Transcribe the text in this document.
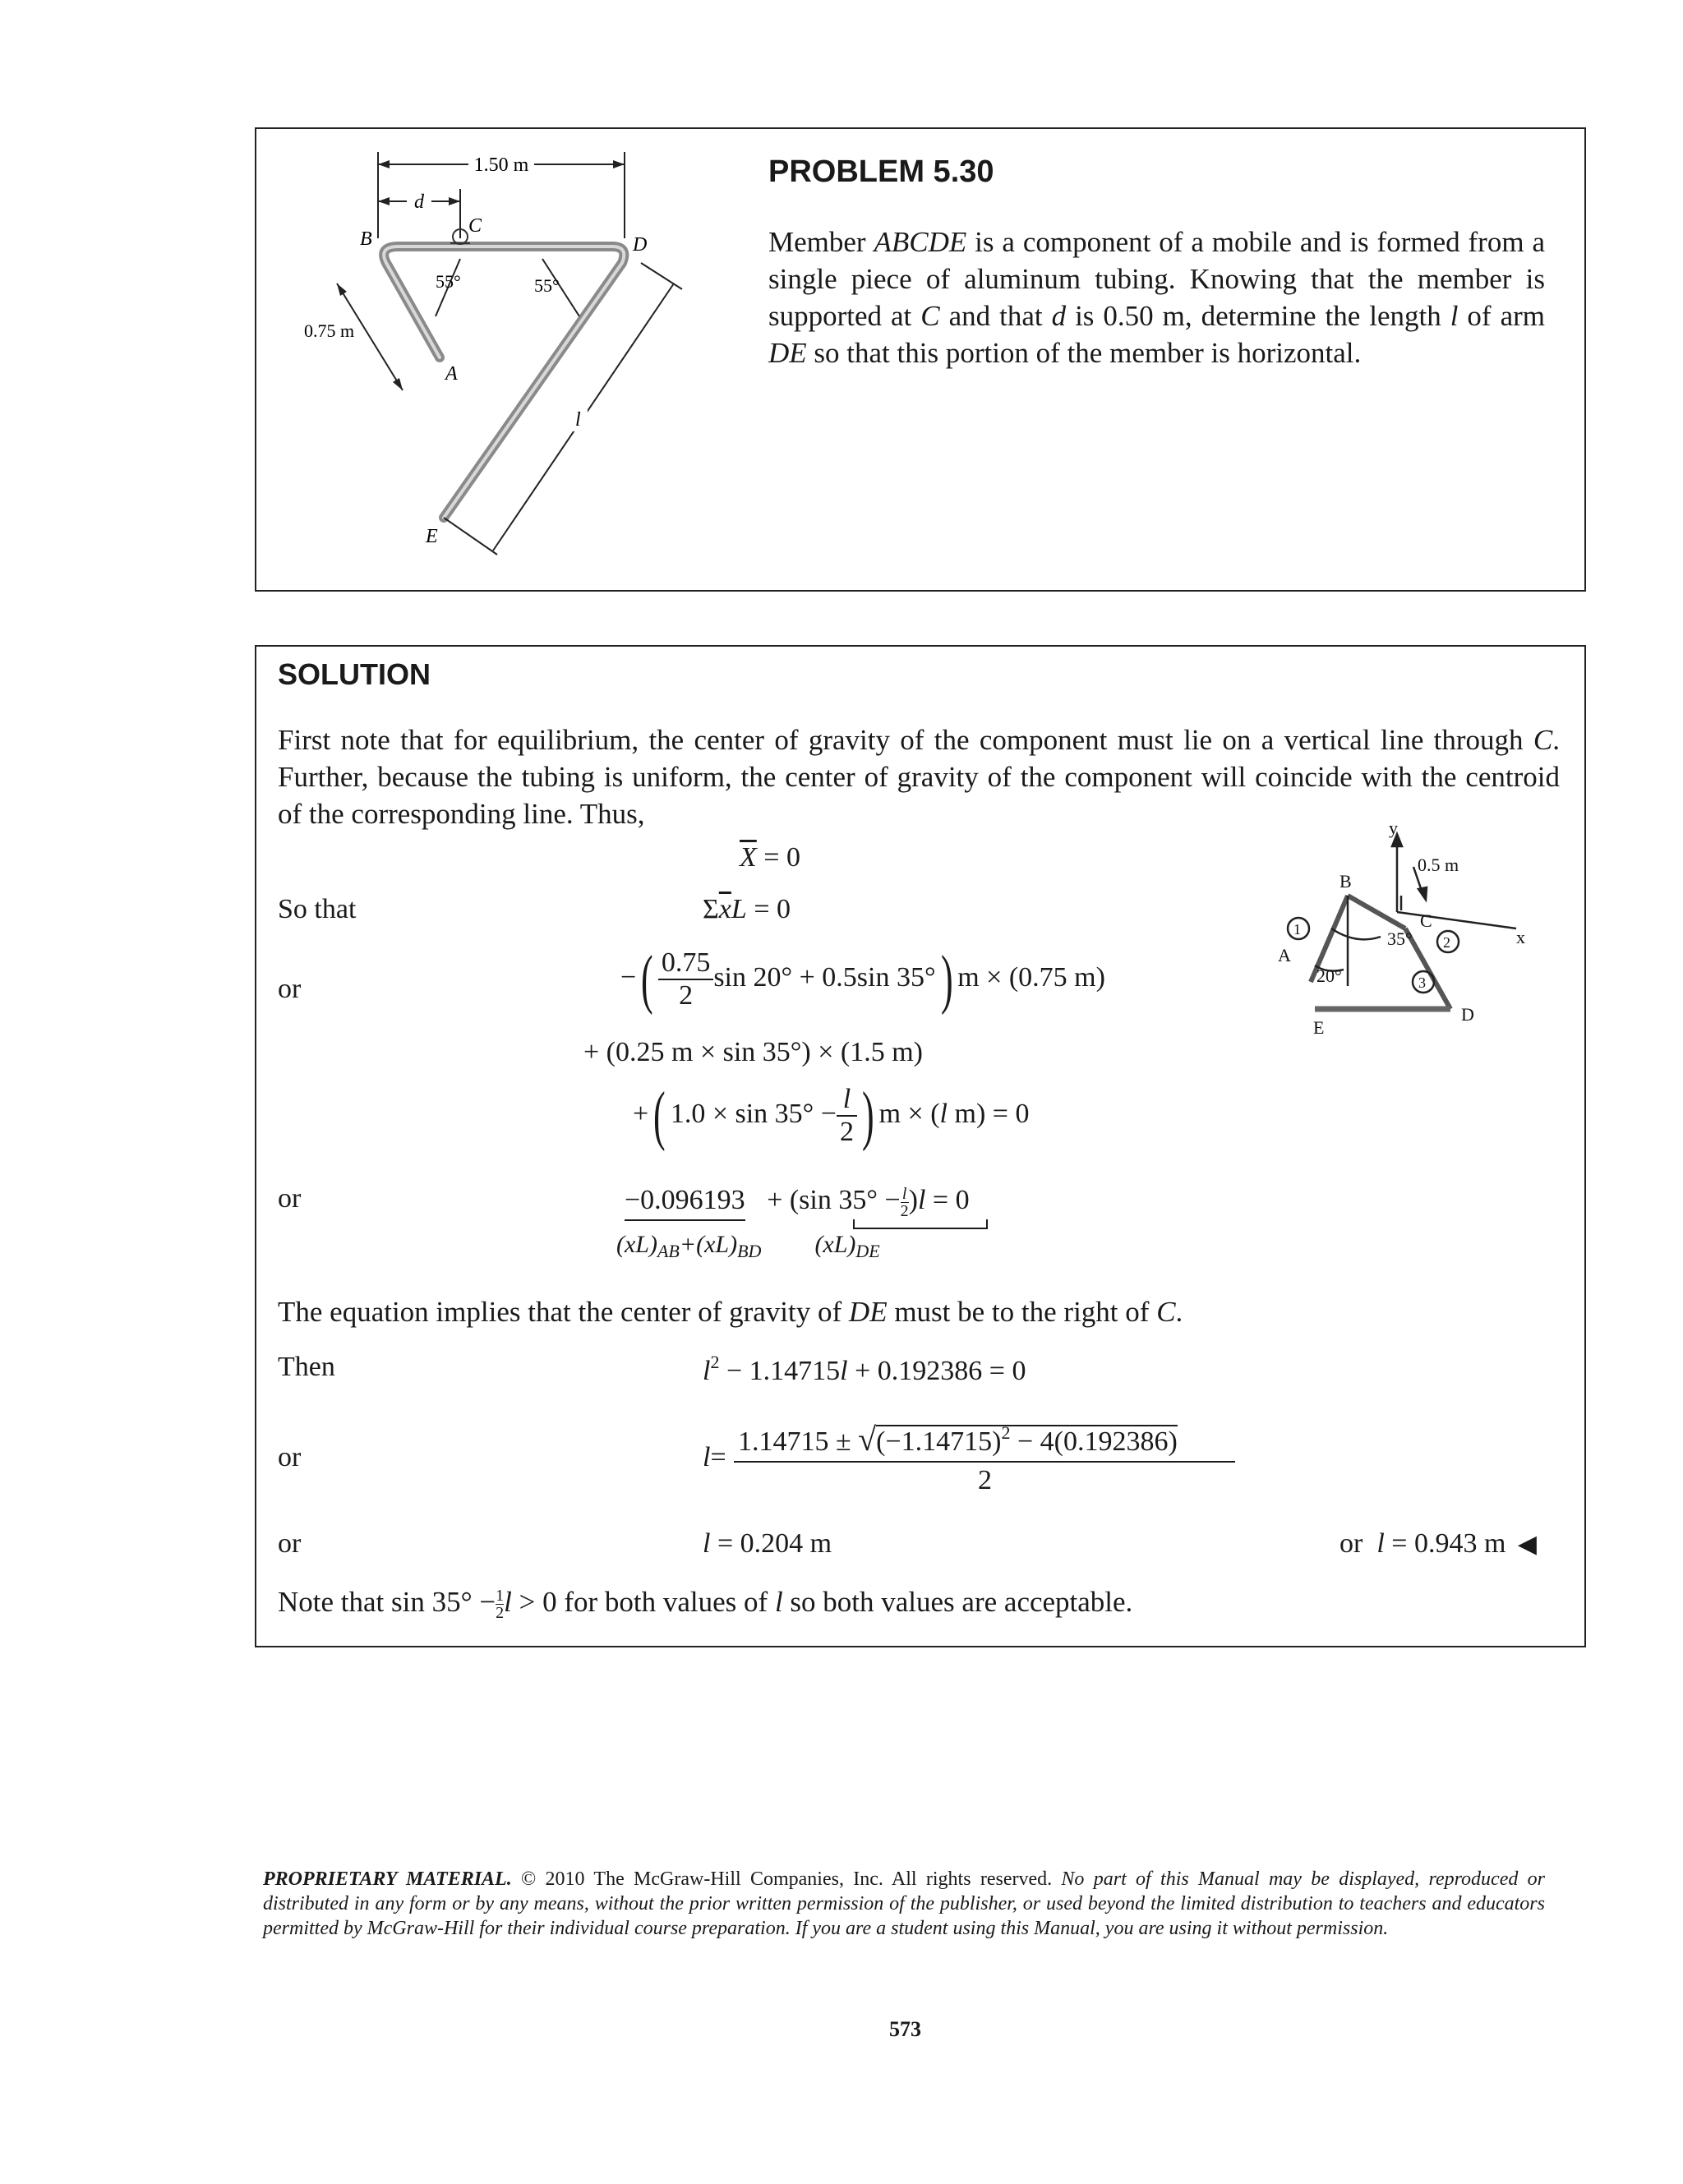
1.50 m
d
B
C
D
A
E
55°	55°
0.75 m
l
PROBLEM 5.30
Member ABCDE is a component of a mobile and is formed from a single piece of aluminum tubing. Knowing that the member is supported at C and that d is 0.50 m, determine the length l of arm DE so that this portion of the member is horizontal.
SOLUTION
First note that for equilibrium, the center of gravity of the component must lie on a vertical line through C. Further, because the tubing is uniform, the center of gravity of the component will coincide with the centroid of the corresponding line. Thus,
$\overline{X} = 0$
So that	$\Sigma\overline{x}L = 0$
or	−( $\frac{0.75}{2}$ sin 20° + 0.5sin 35°) m × (0.75 m)
+ (0.25 m × sin 35°) × (1.5 m)
+( $1.0 \times \sin 35^\circ - \frac{l}{2}$ ) m × (l m) = 0
or	−0.096193 + (sin $35^\circ - \frac{l}{2})l = 0$
$(xL)_{AB}+(xL)_{BD}$ $(xL)_{DE}$
The equation implies that the center of gravity of DE must be to the right of C.
Then	$l^2 - 1.14715l + 0.192386 = 0$
or	l=
$1.14715 \pm √(-1.14715)^2 - 4(0.192386)$
2
or	l = 0.204 m	or l = 0.943 m ◀
Note that $\sin 35^\circ - \frac{1}{2}l > 0$ for both values of l so both values are acceptable.
y
B
0.5 m
C
x
1
A
35° 2
20°	3
E
D
PROPRIETARY MATERIAL. © 2010 The McGraw-Hill Companies, Inc. All rights reserved. No part of this Manual may be displayed, reproduced or distributed in any form or by any means, without the prior written permission of the publisher, or used beyond the limited distribution to teachers and educators permitted by McGraw-Hill for their individual course preparation. If you are a student using this Manual, you are using it without permission.
573
